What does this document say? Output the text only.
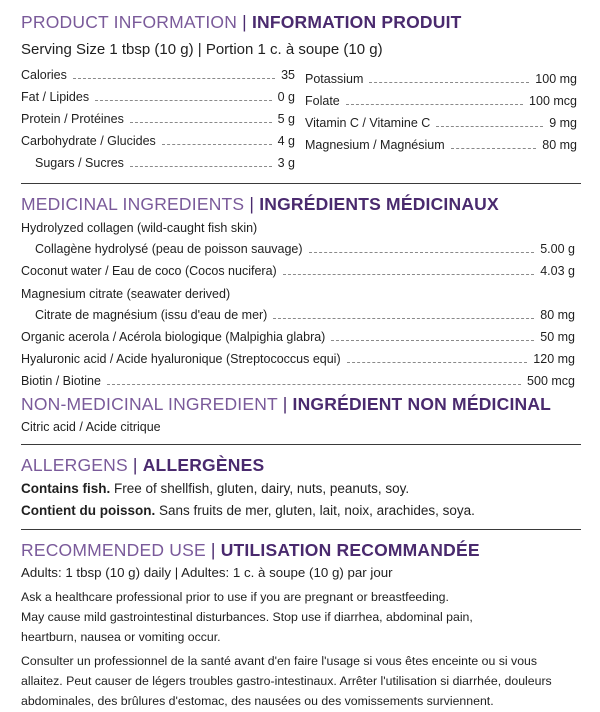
PRODUCT INFORMATION | INFORMATION PRODUIT
Serving Size 1 tbsp (10 g) | Portion 1 c. à soupe (10 g)
Calories	35
Fat / Lipides	0 g
Protein / Protéines	5 g
Carbohydrate / Glucides	4 g
Sugars / Sucres	3 g
Potassium	100 mg
Folate	100 mcg
Vitamin C / Vitamine C	9 mg
Magnesium / Magnésium	80 mg
MEDICINAL INGREDIENTS | INGRÉDIENTS MÉDICINAUX
Hydrolyzed collagen (wild-caught fish skin)
Collagène hydrolysé (peau de poisson sauvage)	5.00 g
Coconut water / Eau de coco (Cocos nucifera)	4.03 g
Magnesium citrate (seawater derived)
Citrate de magnésium (issu d'eau de mer)	80 mg
Organic acerola / Acérola biologique (Malpighia glabra)	50 mg
Hyaluronic acid / Acide hyaluronique (Streptococcus equi)	120 mg
Biotin / Biotine	500 mcg
NON-MEDICINAL INGREDIENT | INGRÉDIENT NON MÉDICINAL
Citric acid / Acide citrique
ALLERGENS | ALLERGÈNES
Contains fish. Free of shellfish, gluten, dairy, nuts, peanuts, soy.
Contient du poisson. Sans fruits de mer, gluten, lait, noix, arachides, soya.
RECOMMENDED USE | UTILISATION RECOMMANDÉE
Adults: 1 tbsp (10 g) daily | Adultes: 1 c. à soupe (10 g) par jour
Ask a healthcare professional prior to use if you are pregnant or breastfeeding.
May cause mild gastrointestinal disturbances. Stop use if diarrhea, abdominal pain,
heartburn, nausea or vomiting occur.
Consulter un professionnel de la santé avant d'en faire l'usage si vous êtes enceinte ou si vous
allaitez. Peut causer de légers troubles gastro-intestinaux. Arrêter l'utilisation si diarrhée, douleurs
abdominales, des brûlures d'estomac, des nausées ou des vomissements surviennent.
